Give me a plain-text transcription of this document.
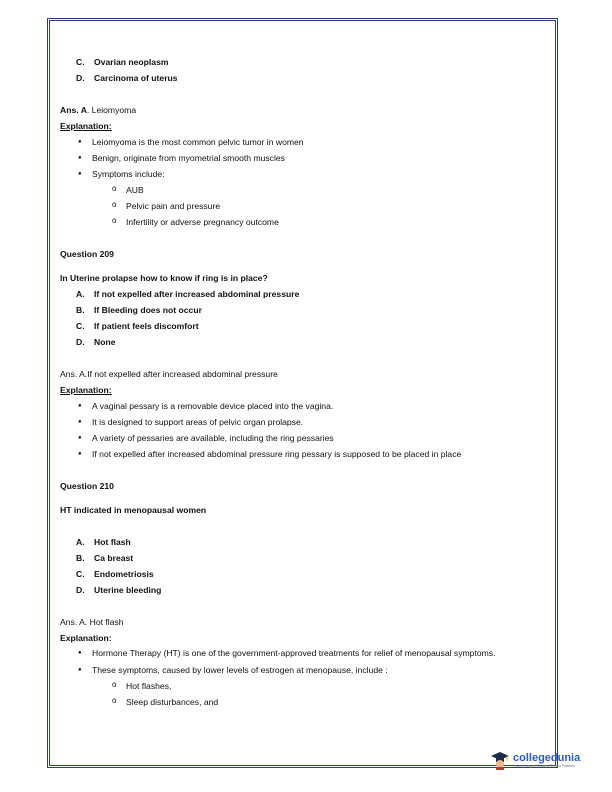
C. Ovarian neoplasm
D. Carcinoma of uterus
Ans. A. Leiomyoma
Explanation:
● Leiomyoma is the most common pelvic tumor in women
● Benign, originate from myometrial smooth muscles
● Symptoms include:
o AUB
o Pelvic pain and pressure
o Infertility or adverse pregnancy outcome
Question 209
In Uterine prolapse how to know if ring is in place?
A. If not expelled after increased abdominal pressure
B. If Bleeding does not occur
C. If patient feels discomfort
D. None
Ans. A.If not expelled after increased abdominal pressure
Explanation:
● A vaginal pessary is a removable device placed into the vagina.
● It is designed to support areas of pelvic organ prolapse.
● A variety of pessaries are available, including the ring pessaries
● If not expelled after increased abdominal pressure ring pessary is supposed to be placed in place
Question 210
HT indicated in menopausal women
A. Hot flash
B. Ca breast
C. Endometriosis
D. Uterine bleeding
Ans. A. Hot flash
Explanation:
● Hormone Therapy (HT) is one of the government-approved treatments for relief of menopausal symptoms.
● These symptoms, caused by lower levels of estrogen at menopause, include :
o Hot flashes,
o Sleep disturbances, and
collegedunia
India's Largest Student Review Platform
